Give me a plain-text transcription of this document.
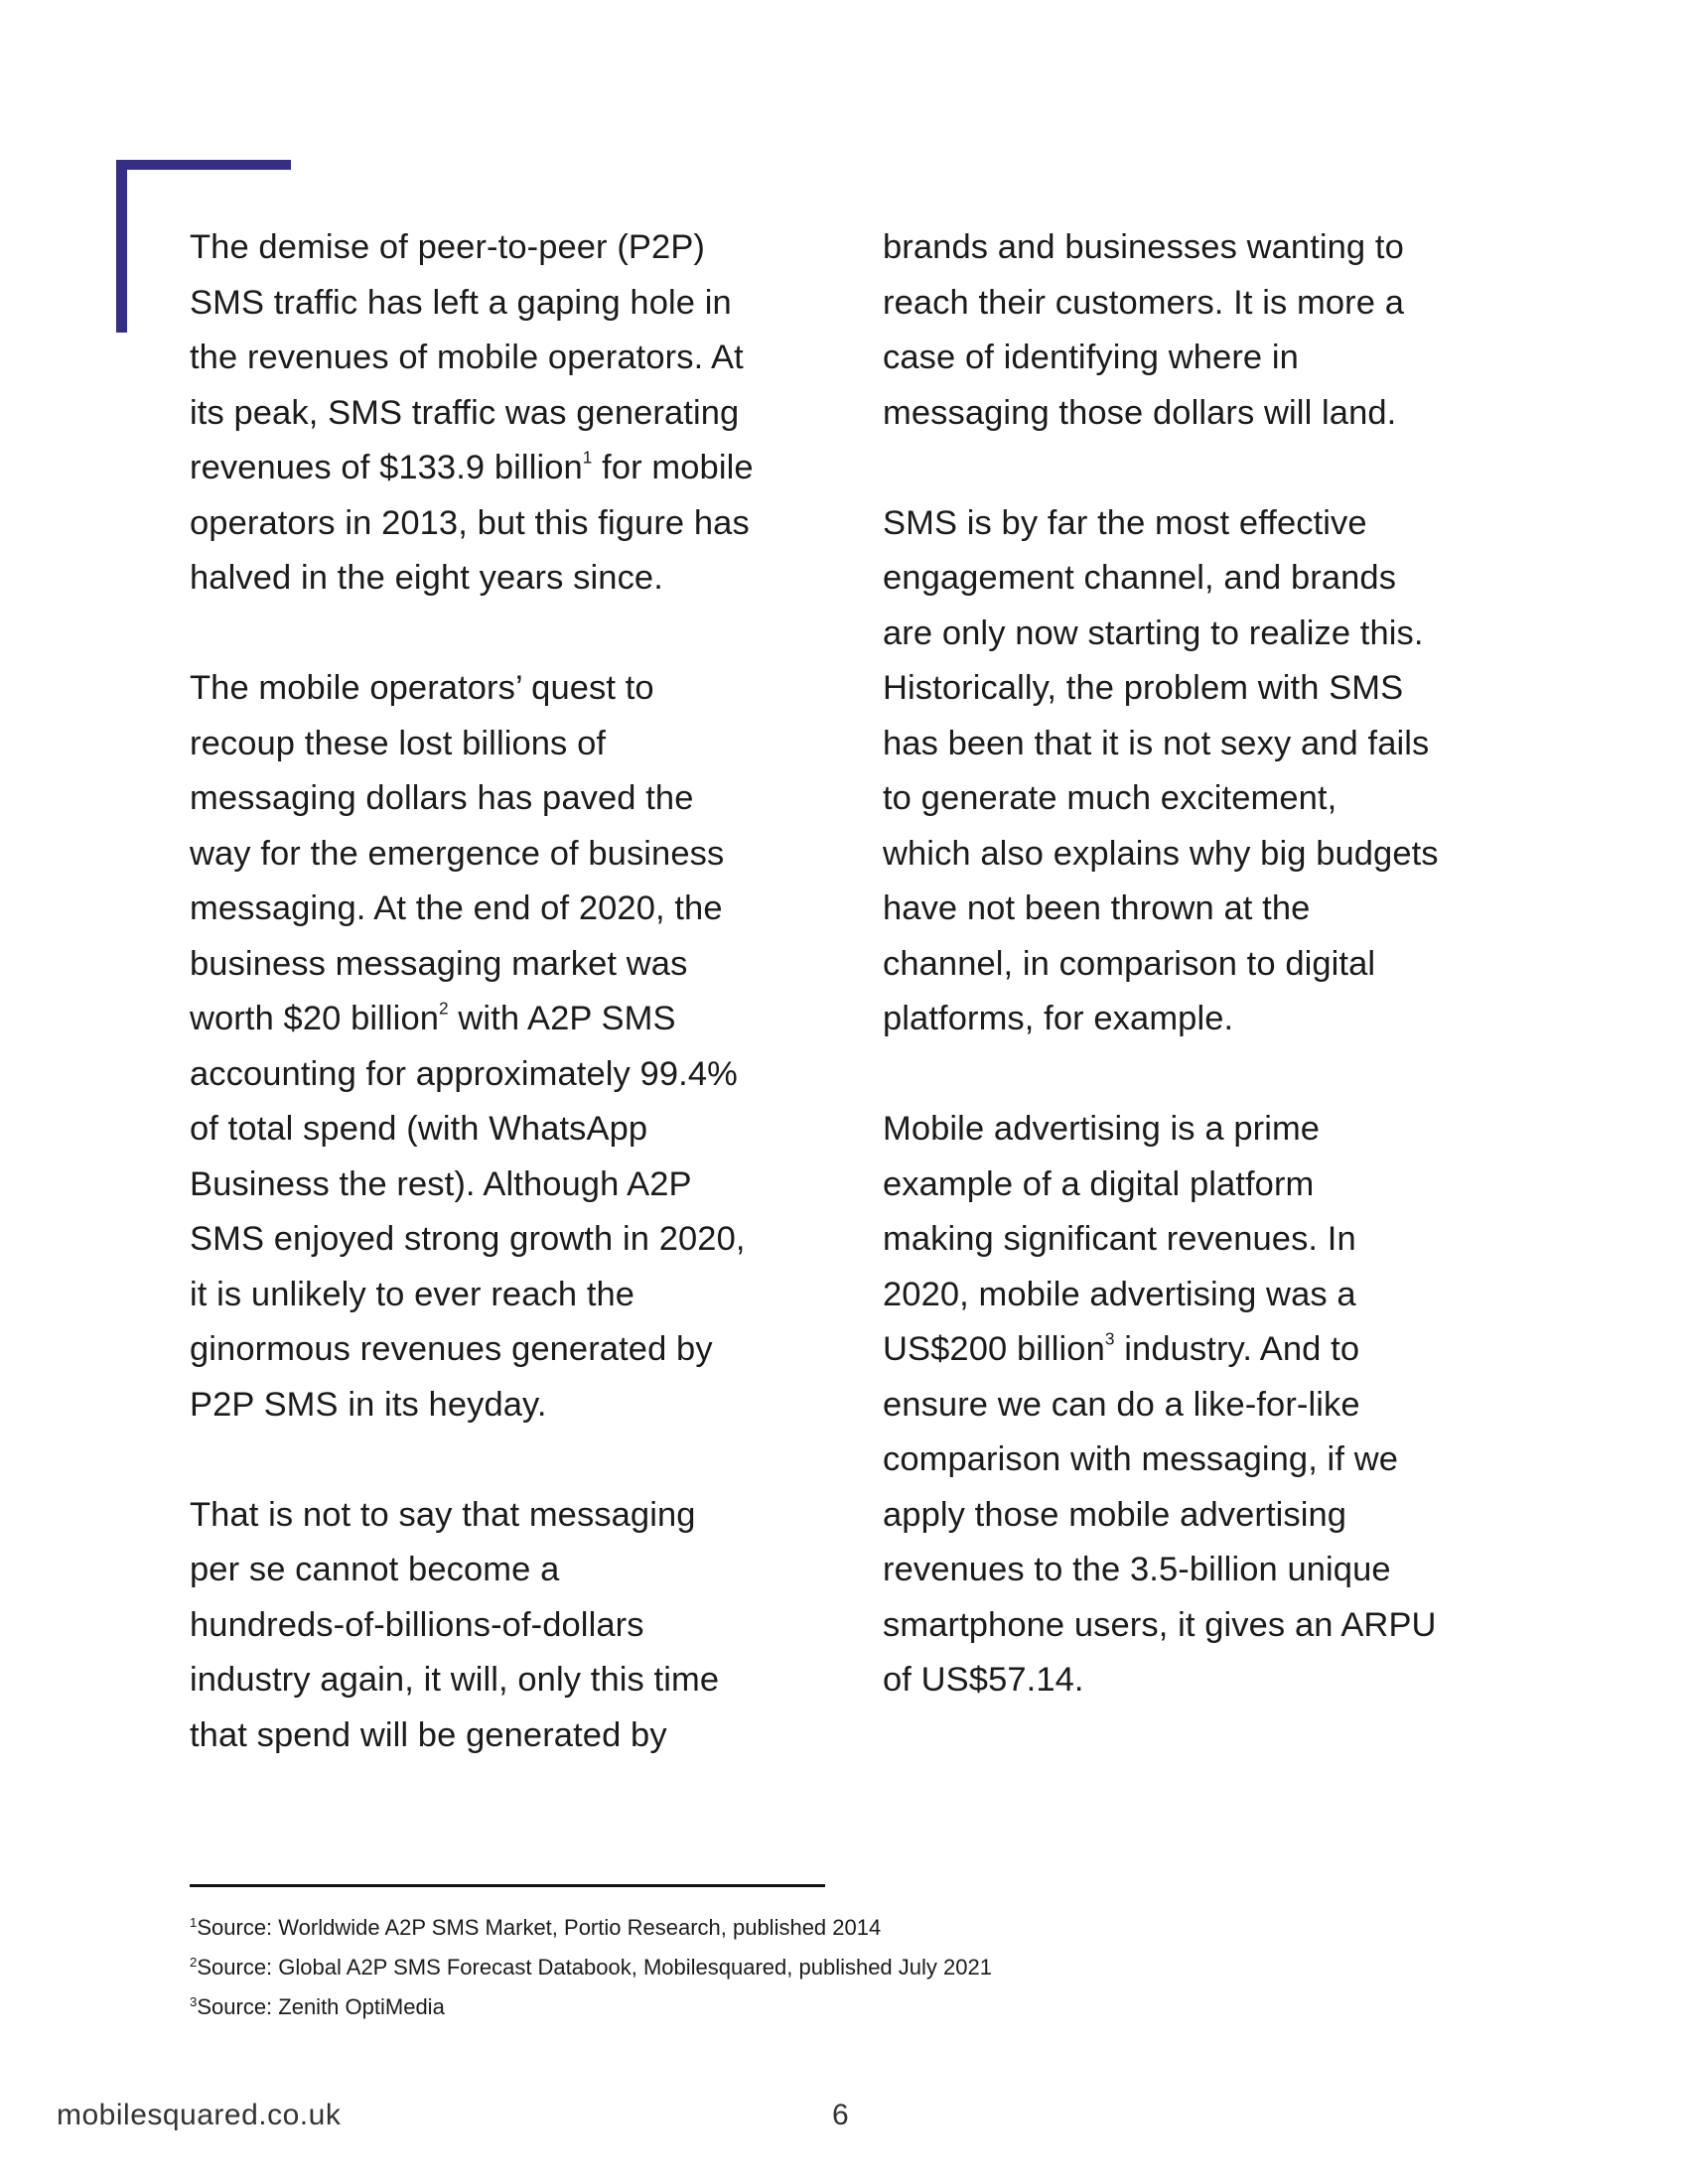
The demise of peer-to-peer (P2P)
SMS traffic has left a gaping hole in
the revenues of mobile operators. At
its peak, SMS traffic was generating
revenues of $133.9 billion$^1$ for mobile
operators in 2013, but this figure has
halved in the eight years since.
The mobile operators’ quest to
recoup these lost billions of
messaging dollars has paved the
way for the emergence of business
messaging. At the end of 2020, the
business messaging market was
worth $20 billion$^2$ with A2P SMS
accounting for approximately 99.4%
of total spend (with WhatsApp
Business the rest). Although A2P
SMS enjoyed strong growth in 2020,
it is unlikely to ever reach the
ginormous revenues generated by
P2P SMS in its heyday.
That is not to say that messaging
per se cannot become a
hundreds-of-billions-of-dollars
industry again, it will, only this time
that spend will be generated by
brands and businesses wanting to
reach their customers. It is more a
case of identifying where in
messaging those dollars will land.
SMS is by far the most effective
engagement channel, and brands
are only now starting to realize this.
Historically, the problem with SMS
has been that it is not sexy and fails
to generate much excitement,
which also explains why big budgets
have not been thrown at the
channel, in comparison to digital
platforms, for example.
Mobile advertising is a prime
example of a digital platform
making significant revenues. In
2020, mobile advertising was a
US$200 billion$^3$ industry. And to
ensure we can do a like-for-like
comparison with messaging, if we
apply those mobile advertising
revenues to the 3.5-billion unique
smartphone users, it gives an ARPU
of US$57.14.
$^1$Source: Worldwide A2P SMS Market, Portio Research, published 2014
$^2$Source: Global A2P SMS Forecast Databook, Mobilesquared, published July 2021
$^3$Source: Zenith OptiMedia
mobilesquared.co.uk	6
